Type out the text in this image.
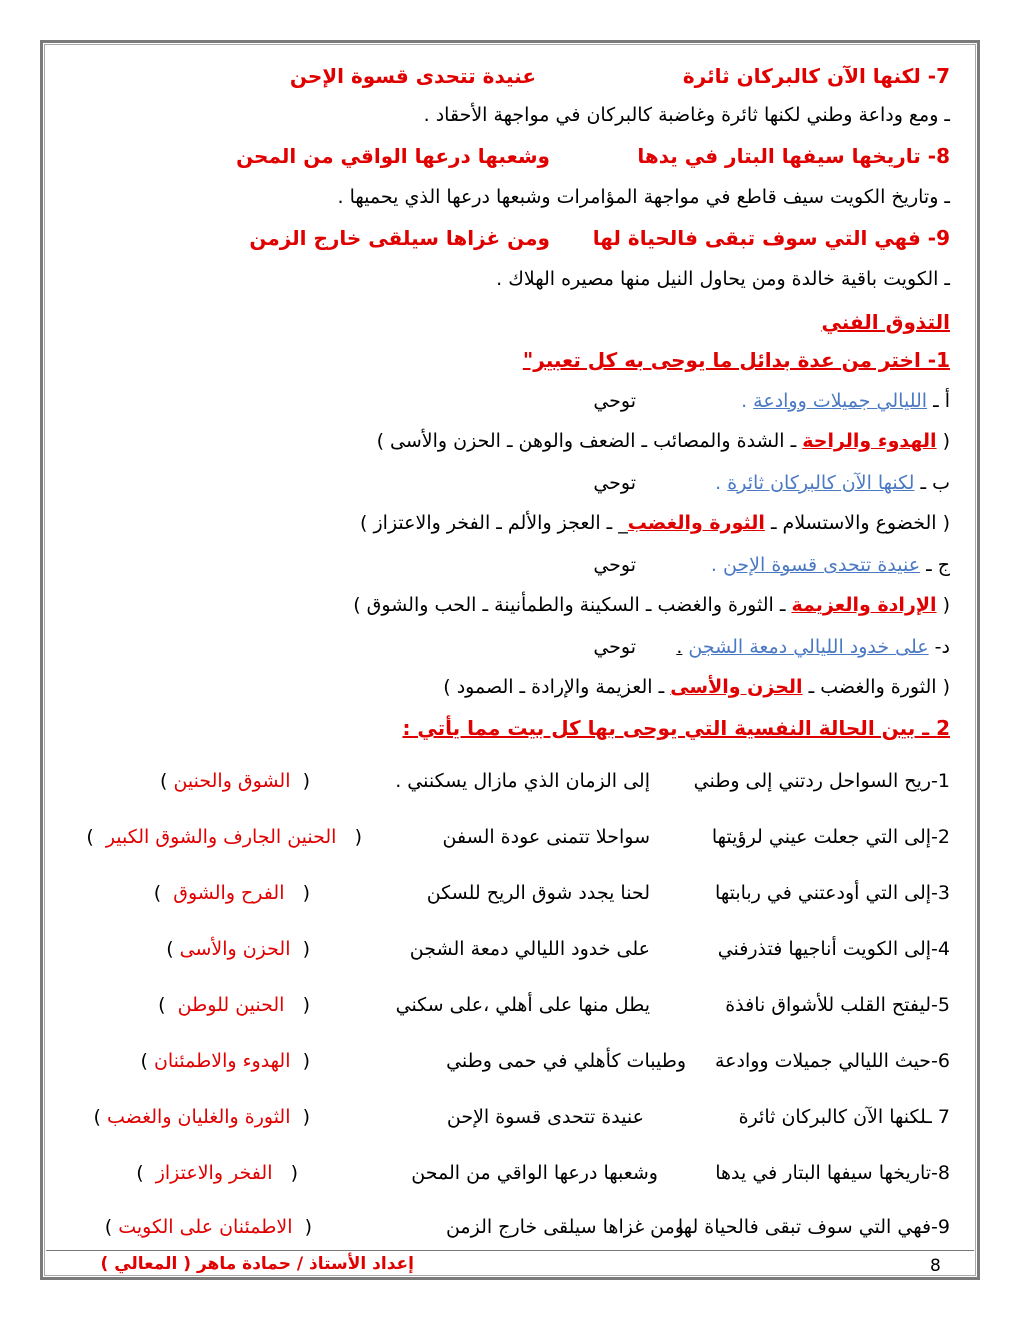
7- لكنها الآن كالبركان ثائرة
عنيدة تتحدى قسوة الإحن
ـ ومع وداعة وطني لكنها ثائرة وغاضبة كالبركان في مواجهة الأحقاد .
8- تاريخها سيفها البتار في يدها
وشعبها درعها الواقي من المحن
ـ وتاريخ الكويت سيف قاطع في مواجهة المؤامرات وشبعها درعها الذي يحميها .
9- فهي التي سوف تبقى فالحياة لها
ومن غزاها سيلقى خارج الزمن
ـ الكويت باقية خالدة ومن يحاول النيل منها مصيره الهلاك .
التذوق الفني
1- اختر من عدة بدائل ما يوحى به كل تعبير"
أ ـ الليالي جميلات ووادعة .
توحي
( الهدوء والراحة ـ الشدة والمصائب ـ الضعف والوهن ـ الحزن والأسى )
ب ـ لكنها الآن كالبركان ثائرة .
توحي
( الخضوع والاستسلام ـ الثورة والغضب_ ـ العجز والألم ـ الفخر والاعتزاز )
ج ـ عنيدة تتحدى قسوة الإحن .
توحي
( الإرادة والعزيمة ـ الثورة والغضب ـ السكينة والطمأنينة ـ الحب والشوق )
د- على خدود الليالي دمعة الشجن .
توحي
( الثورة والغضب ـ الحزن والأسى ـ العزيمة والإرادة ـ الصمود )
2 ـ بين الحالة النفسية التي يوحى بها كل بيت مما يأتي :
1-ريح السواحل ردتني إلى وطني
إلى الزمان الذي مازال يسكنني .
(  الشوق والحنين )
2-إلى التي جعلت عيني لرؤيتها
سواحلا تتمنى عودة السفن
(   الحنين الجارف والشوق الكبير  )
3-إلى التي أودعتني في ربابتها
لحنا يجدد شوق الريح للسكن
(   الفرح والشوق  )
4-إلى الكويت أناجيها فتذرفني
على خدود الليالي دمعة الشجن
(  الحزن والأسى )
5-ليفتح القلب للأشواق نافذة
يطل منها على أهلي ،على سكني
(   الحنين للوطن  )
6-حيث الليالي جميلات ووادعة
وطيبات كأهلي في حمى وطني
(  الهدوء والاطمئنان )
7 ـلكنها الآن كالبركان ثائرة
عنيدة تتحدى قسوة الإحن
(  الثورة والغليان والغضب )
8-تاريخها سيفها البتار في يدها
وشعبها درعها الواقي من المحن
(   الفخر والاعتزاز  )
9-فهي التي سوف تبقى فالحياة لها
ومن غزاها سيلقى خارج الزمن
(  الاطمئنان على الكويت )
إعداد الأستاذ / حمادة ماهر ( المعالي )	8
